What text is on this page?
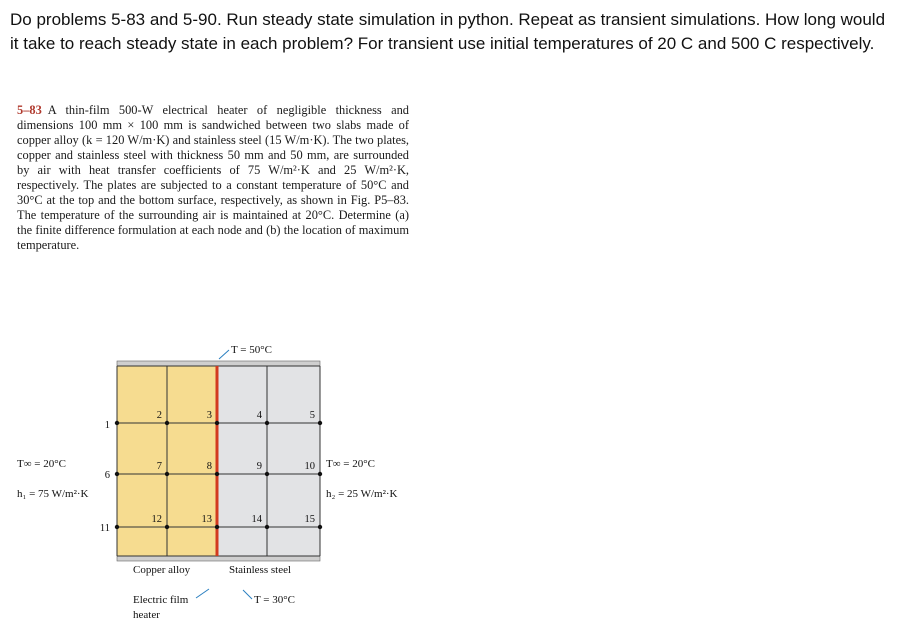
Do problems 5-83 and 5-90. Run steady state simulation in python. Repeat as transient simulations. How long would it take to reach steady state in each problem? For transient use initial temperatures of 20 C and 500 C respectively.
5–83 A thin-film 500-W electrical heater of negligible thickness and dimensions 100 mm × 100 mm is sandwiched between two slabs made of copper alloy (k = 120 W/m·K) and stainless steel (15 W/m·K). The two plates, copper and stainless steel with thickness 50 mm and 50 mm, are surrounded by air with heat transfer coefficients of 75 W/m²·K and 25 W/m²·K, respectively. The plates are subjected to a constant temperature of 50°C and 30°C at the top and the bottom surface, respectively, as shown in Fig. P5–83. The temperature of the surrounding air is maintained at 20°C. Determine (a) the finite difference formulation at each node and (b) the location of maximum temperature.
1
2	3	4	5
6
7	8	9	10
11
12	13	14	15
T = 50°C
T∞ = 20°C
h₁ = 75 W/m²·K
T∞ = 20°C
h₂ = 25 W/m²·K
Copper alloy	Stainless steel
Electric film
heater
T = 30°C
